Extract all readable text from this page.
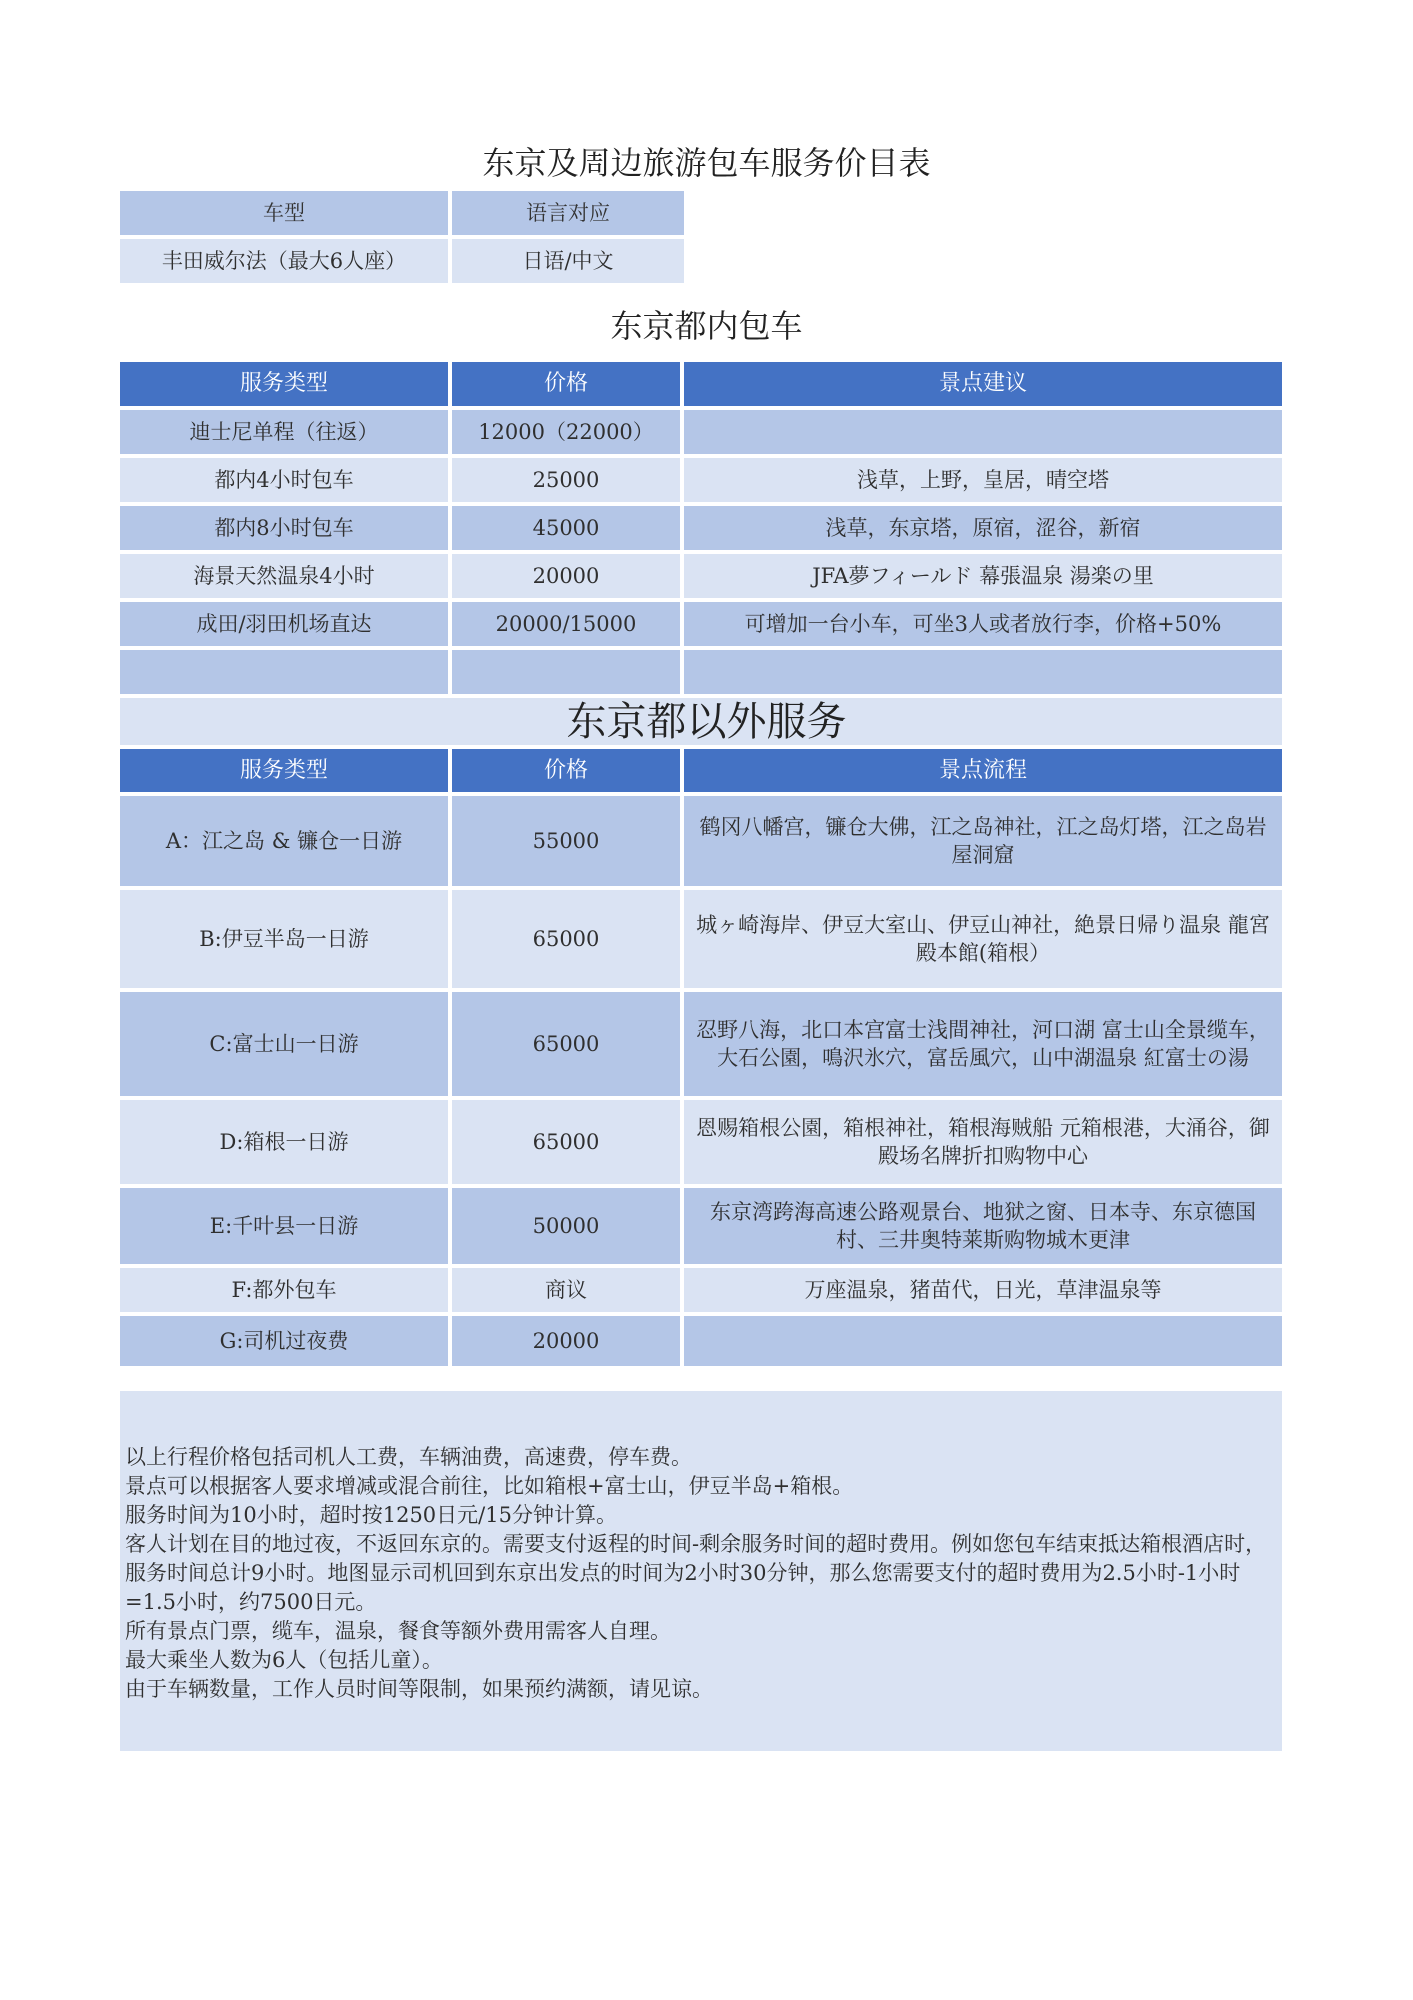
东京及周边旅游包车服务价目表
车型	语言对应
丰田威尔法（最大6人座）	日语/中文
东京都内包车
服务类型	价格	景点建议
迪士尼单程（往返）	12000（22000）	
都内4小时包车	25000	浅草，上野，皇居，晴空塔
都内8小时包车	45000	浅草，东京塔，原宿，涩谷，新宿
海景天然温泉4小时	20000	JFA夢フィールド 幕張温泉 湯楽の里
成田/羽田机场直达	20000/15000	可增加一台小车，可坐3人或者放行李，价格+50%

东京都以外服务
服务类型	价格	景点流程
A：江之岛 & 镰仓一日游	55000	鹤冈八幡宫，镰仓大佛，江之岛神社，江之岛灯塔，江之岛岩屋洞窟
B:伊豆半岛一日游	65000	城ヶ崎海岸、伊豆大室山、伊豆山神社，絶景日帰り温泉 龍宮殿本館(箱根）
C:富士山一日游	65000	忍野八海，北口本宫富士浅間神社，河口湖 富士山全景缆车，大石公園，鳴沢氷穴，富岳風穴，山中湖温泉 紅富士の湯
D:箱根一日游	65000	恩赐箱根公園，箱根神社，箱根海贼船 元箱根港，大涌谷，御殿场名牌折扣购物中心
E:千叶县一日游	50000	东京湾跨海高速公路观景台、地狱之窗、日本寺、东京德国村、三井奥特莱斯购物城木更津
F:都外包车	商议	万座温泉，猪苗代，日光，草津温泉等
G:司机过夜费	20000	
以上行程价格包括司机人工费，车辆油费，高速费，停车费。
景点可以根据客人要求增减或混合前往，比如箱根+富士山，伊豆半岛+箱根。
服务时间为10小时，超时按1250日元/15分钟计算。
客人计划在目的地过夜，不返回东京的。需要支付返程的时间-剩余服务时间的超时费用。例如您包车结束抵达箱根酒店时，服务时间总计9小时。地图显示司机回到东京出发点的时间为2小时30分钟，那么您需要支付的超时费用为2.5小时-1小时=1.5小时，约7500日元。
所有景点门票，缆车，温泉，餐食等额外费用需客人自理。
最大乘坐人数为6人（包括儿童）。
由于车辆数量，工作人员时间等限制，如果预约满额，请见谅。
